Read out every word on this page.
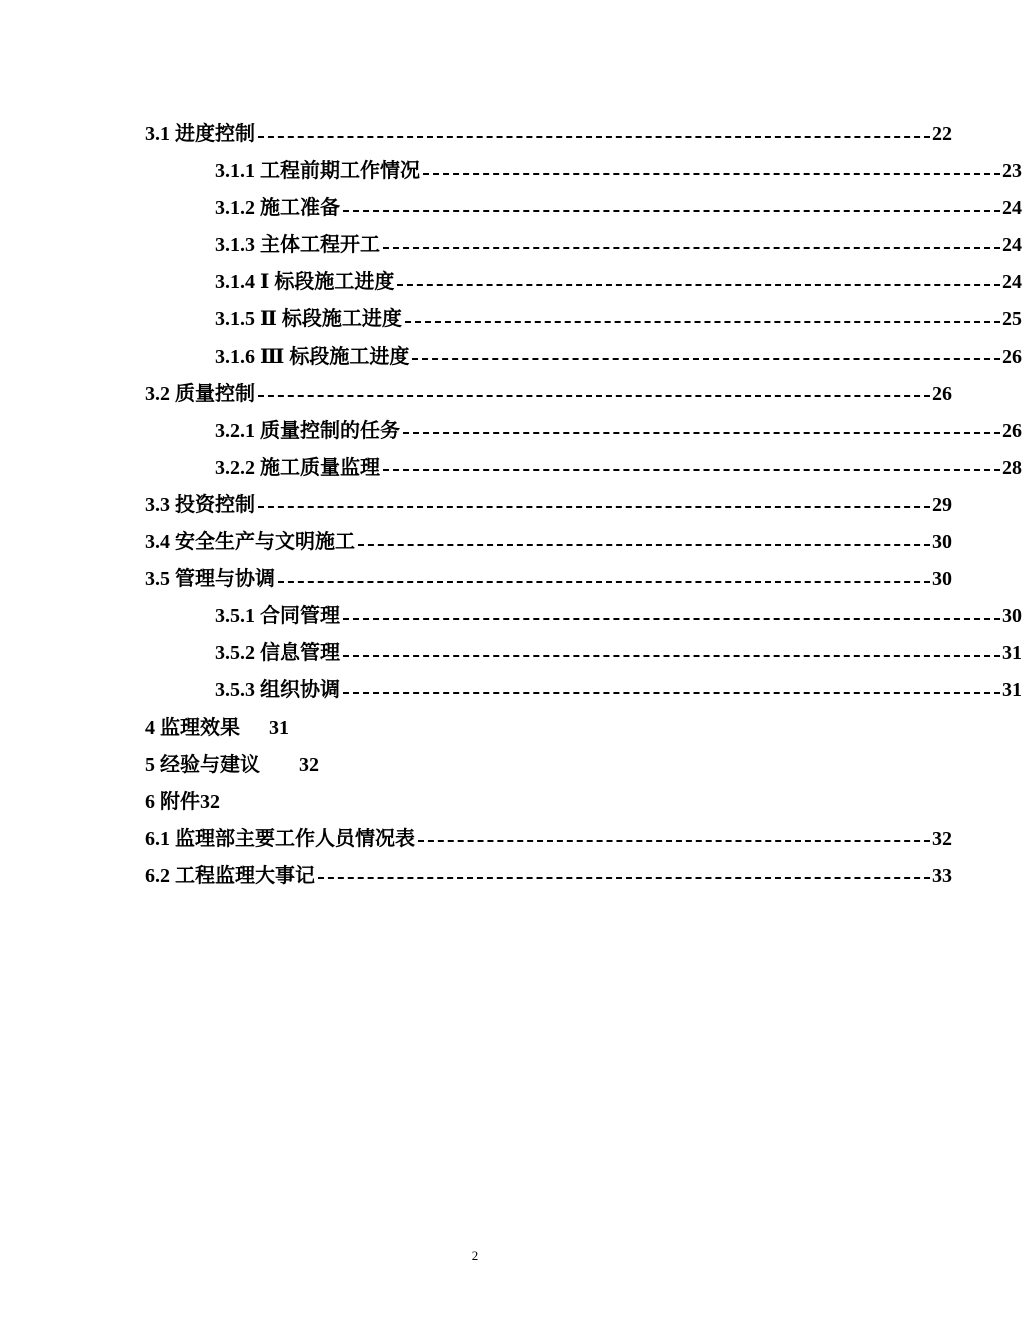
3.1 进度控制	22
3.1.1 工程前期工作情况	23
3.1.2 施工准备	24
3.1.3 主体工程开工	24
3.1.4 Ⅰ 标段施工进度	24
3.1.5 Ⅱ 标段施工进度	25
3.1.6 Ⅲ 标段施工进度	26
3.2 质量控制	26
3.2.1 质量控制的任务	26
3.2.2 施工质量监理	28
3.3 投资控制	29
3.4 安全生产与文明施工	30
3.5 管理与协调	30
3.5.1 合同管理	30
3.5.2 信息管理	31
3.5.3 组织协调	31
4 监理效果 31
5 经验与建议 32
6 附件32
6.1 监理部主要工作人员情况表	32
6.2 工程监理大事记	33
2
